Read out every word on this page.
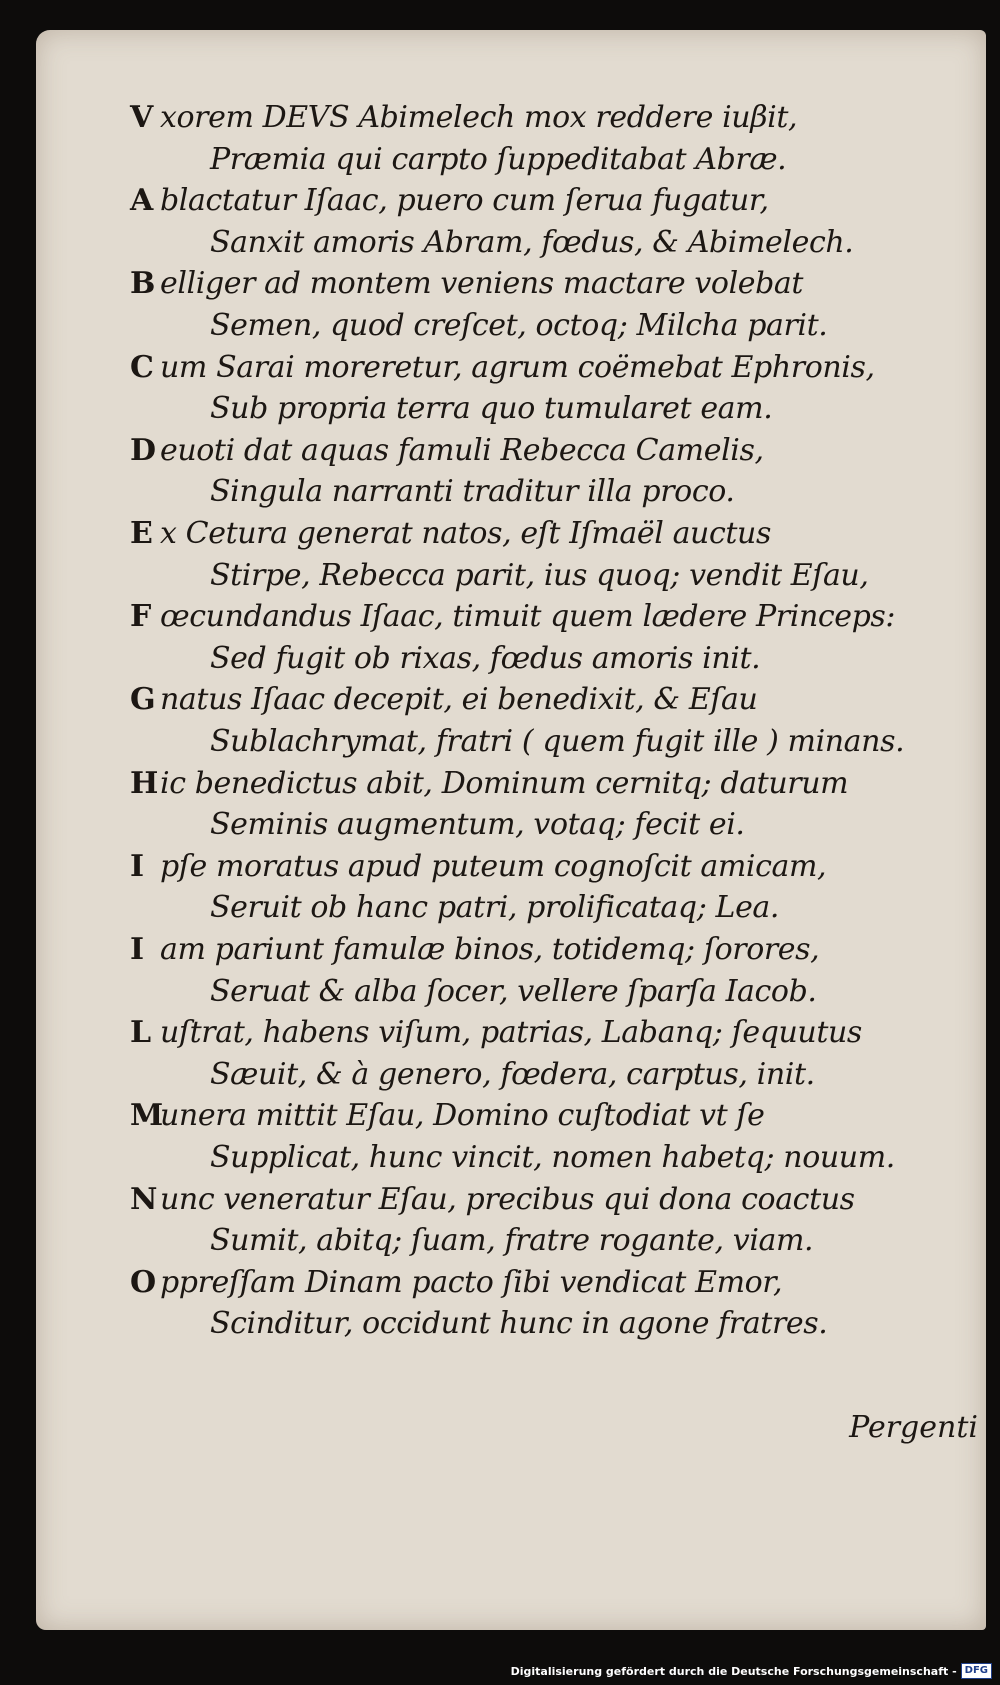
V xorem DEVS Abimelech mox reddere iuβit,
Præmia qui carpto ſuppeditabat Abræ.
A blactatur Iſaac, puero cum ſerua fugatur,
Sanxit amoris Abram, fœdus, & Abimelech.
B elliger ad montem veniens mactare volebat
Semen, quod creſcet, octoq; Milcha parit.
C um Sarai moreretur, agrum coëmebat Ephronis,
Sub propria terra quo tumularet eam.
D euoti dat aquas famuli Rebecca Camelis,
Singula narranti traditur illa proco.
E x Cetura generat natos, eſt Iſmaël auctus
Stirpe, Rebecca parit, ius quoq; vendit Eſau,
F œcundandus Iſaac, timuit quem lædere Princeps:
Sed fugit ob rixas, fœdus amoris init.
G natus Iſaac decepit, ei benedixit, & Eſau
Sublachrymat, fratri ( quem fugit ille ) minans.
Hic benedictus abit, Dominum cernitq; daturum
Seminis augmentum, votaq; fecit ei.
I pſe moratus apud puteum cognoſcit amicam,
Seruit ob hanc patri, prolificataq; Lea.
I am pariunt famulæ binos, totidemq; ſorores,
Seruat & alba ſocer, vellere ſparſa Iacob.
L uſtrat, habens viſum, patrias, Labanq; ſequutus
Sæuit, & à genero, fœdera, carptus, init.
Munera mittit Eſau, Domino cuſtodiat vt ſe
Supplicat, hunc vincit, nomen habetq; nouum.
Nunc veneratur Eſau, precibus qui dona coactus
Sumit, abitq; ſuam, fratre rogante, viam.
O ppreſſam Dinam pacto ſibi vendicat Emor,
Scinditur, occidunt hunc in agone fratres.
Pergenti
Digitalisierung gefördert durch die Deutsche Forschungsgemeinschaft - DFG
